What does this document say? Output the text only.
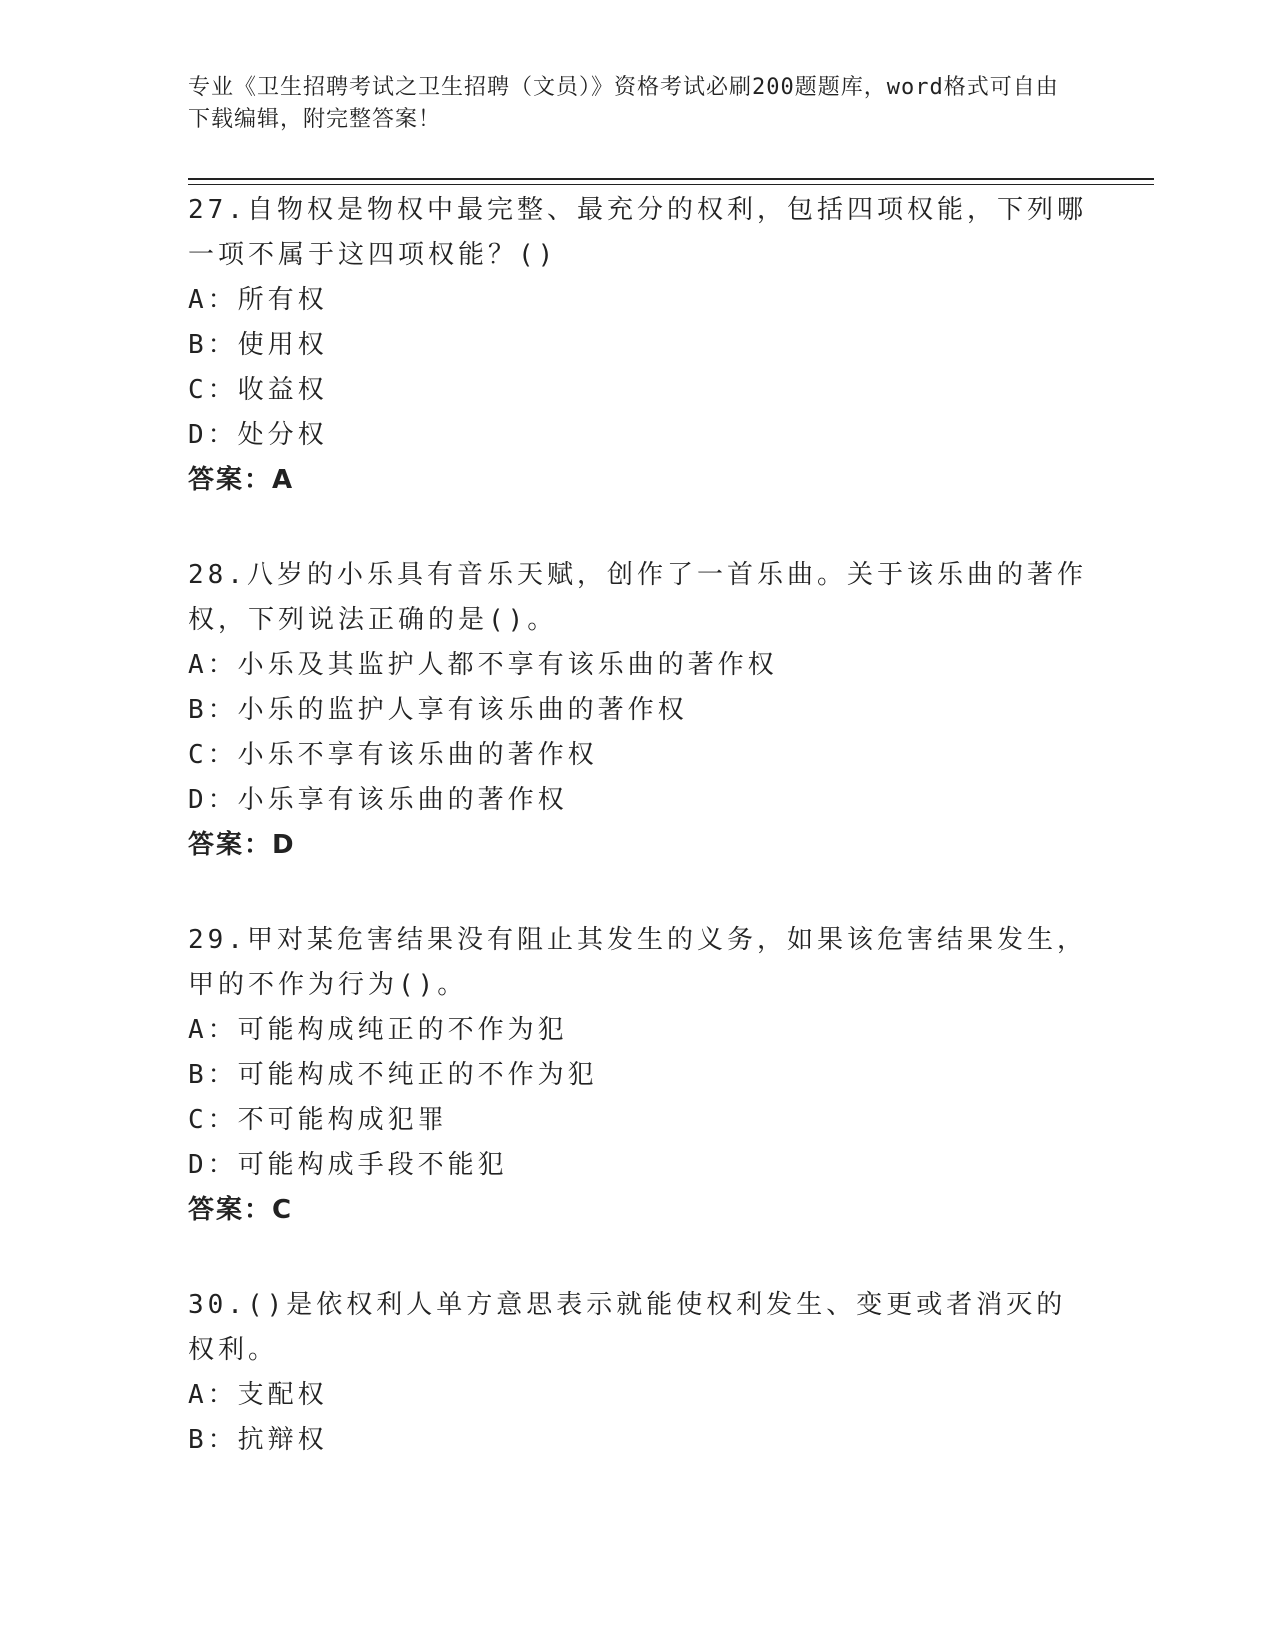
专业《卫生招聘考试之卫生招聘（文员）》资格考试必刷200题题库，word格式可自由下载编辑，附完整答案！

27.自物权是物权中最完整、最充分的权利，包括四项权能，下列哪一项不属于这四项权能？()

A：所有权

B：使用权

C：收益权

D：处分权

答案：A

28.八岁的小乐具有音乐天赋，创作了一首乐曲。关于该乐曲的著作权，下列说法正确的是()。

A：小乐及其监护人都不享有该乐曲的著作权

B：小乐的监护人享有该乐曲的著作权

C：小乐不享有该乐曲的著作权

D：小乐享有该乐曲的著作权

答案：D

29.甲对某危害结果没有阻止其发生的义务，如果该危害结果发生，甲的不作为行为()。

A：可能构成纯正的不作为犯

B：可能构成不纯正的不作为犯

C：不可能构成犯罪

D：可能构成手段不能犯

答案：C

30.()是依权利人单方意思表示就能使权利发生、变更或者消灭的权利。

A：支配权

B：抗辩权
